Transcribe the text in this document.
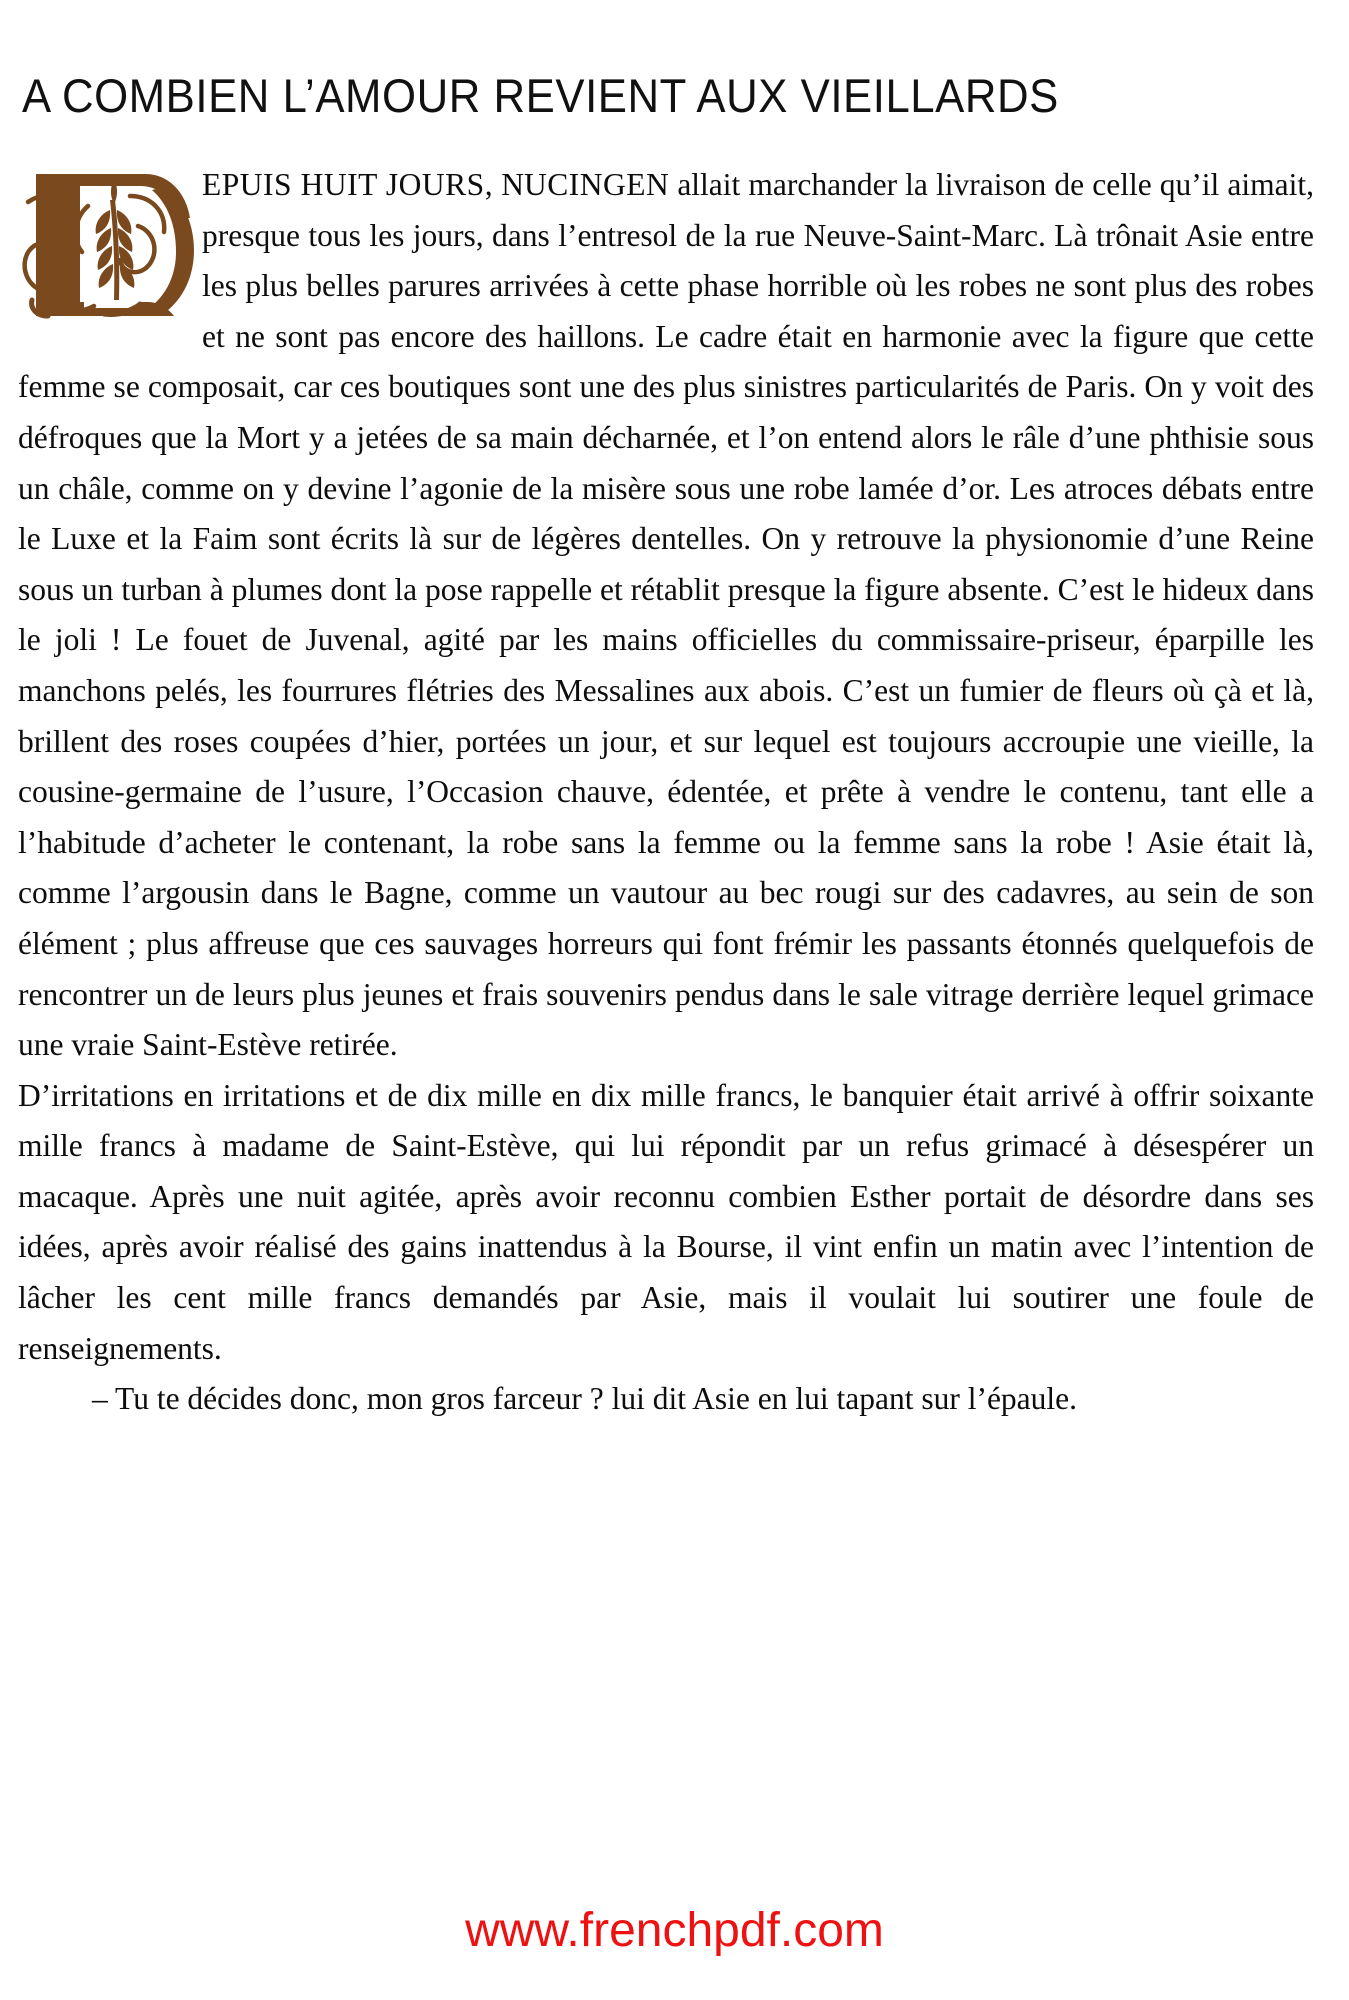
A COMBIEN L’AMOUR REVIENT AUX VIEILLARDS

EPUIS HUIT JOURS, NUCINGEN allait marchander la livraison de celle qu’il aimait, presque tous les jours, dans l’entresol de la rue Neuve-Saint-Marc. Là trônait Asie entre les plus belles parures arrivées à cette phase horrible où les robes ne sont plus des robes et ne sont pas encore des haillons. Le cadre était en harmonie avec la figure que cette femme se composait, car ces boutiques sont une des plus sinistres particularités de Paris. On y voit des défroques que la Mort y a jetées de sa main décharnée, et l’on entend alors le râle d’une phthisie sous un châle, comme on y devine l’agonie de la misère sous une robe lamée d’or. Les atroces débats entre le Luxe et la Faim sont écrits là sur de légères dentelles. On y retrouve la physionomie d’une Reine sous un turban à plumes dont la pose rappelle et rétablit presque la figure absente. C’est le hideux dans le joli ! Le fouet de Juvenal, agité par les mains officielles du commissaire-priseur, éparpille les manchons pelés, les fourrures flétries des Messalines aux abois. C’est un fumier de fleurs où çà et là, brillent des roses coupées d’hier, portées un jour, et sur lequel est toujours accroupie une vieille, la cousine-germaine de l’usure, l’Occasion chauve, édentée, et prête à vendre le contenu, tant elle a l’habitude d’acheter le contenant, la robe sans la femme ou la femme sans la robe ! Asie était là, comme l’argousin dans le Bagne, comme un vautour au bec rougi sur des cadavres, au sein de son élément ; plus affreuse que ces sauvages horreurs qui font frémir les passants étonnés quelquefois de rencontrer un de leurs plus jeunes et frais souvenirs pendus dans le sale vitrage derrière lequel grimace une vraie Saint-Estève retirée.

D’irritations en irritations et de dix mille en dix mille francs, le banquier était arrivé à offrir soixante mille francs à madame de Saint-Estève, qui lui répondit par un refus grimacé à désespérer un macaque. Après une nuit agitée, après avoir reconnu combien Esther portait de désordre dans ses idées, après avoir réalisé des gains inattendus à la Bourse, il vint enfin un matin avec l’intention de lâcher les cent mille francs demandés par Asie, mais il voulait lui soutirer une foule de renseignements.

– Tu te décides donc, mon gros farceur ? lui dit Asie en lui tapant sur l’épaule.

www.frenchpdf.com
